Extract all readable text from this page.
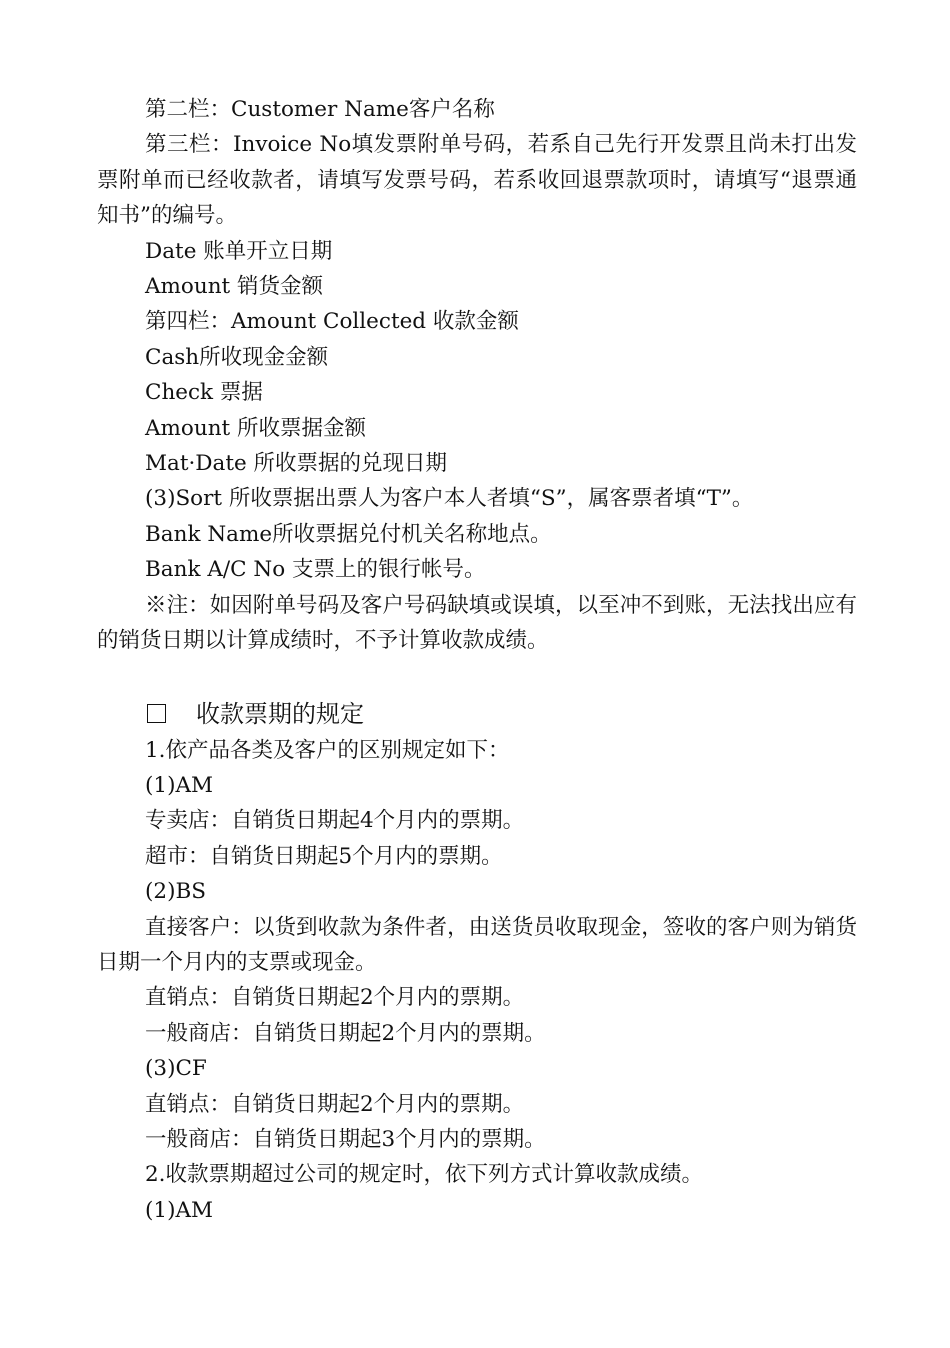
第二栏：Customer Name客户名称

第三栏：Invoice No填发票附单号码，若系自己先行开发票且尚未打出发票附单而已经收款者，请填写发票号码，若系收回退票款项时，请填写“退票通知书”的编号。

Date 账单开立日期

Amount 销货金额

第四栏：Amount Collected 收款金额

Cash所收现金金额

Check 票据

Amount 所收票据金额

Mat·Date 所收票据的兑现日期

(3)Sort 所收票据出票人为客户本人者填“S”，属客票者填“T”。

Bank Name所收票据兑付机关名称地点。

Bank A/C No 支票上的银行帐号。

※注：如因附单号码及客户号码缺填或误填，以至冲不到账，无法找出应有的销货日期以计算成绩时，不予计算收款成绩。

收款票期的规定

1.依产品各类及客户的区别规定如下：

(1)AM

专卖店：自销货日期起4个月内的票期。

超市：自销货日期起5个月内的票期。

(2)BS

直接客户：以货到收款为条件者，由送货员收取现金，签收的客户则为销货日期一个月内的支票或现金。

直销点：自销货日期起2个月内的票期。

一般商店：自销货日期起2个月内的票期。

(3)CF

直销点：自销货日期起2个月内的票期。

一般商店：自销货日期起3个月内的票期。

2.收款票期超过公司的规定时，依下列方式计算收款成绩。

(1)AM
